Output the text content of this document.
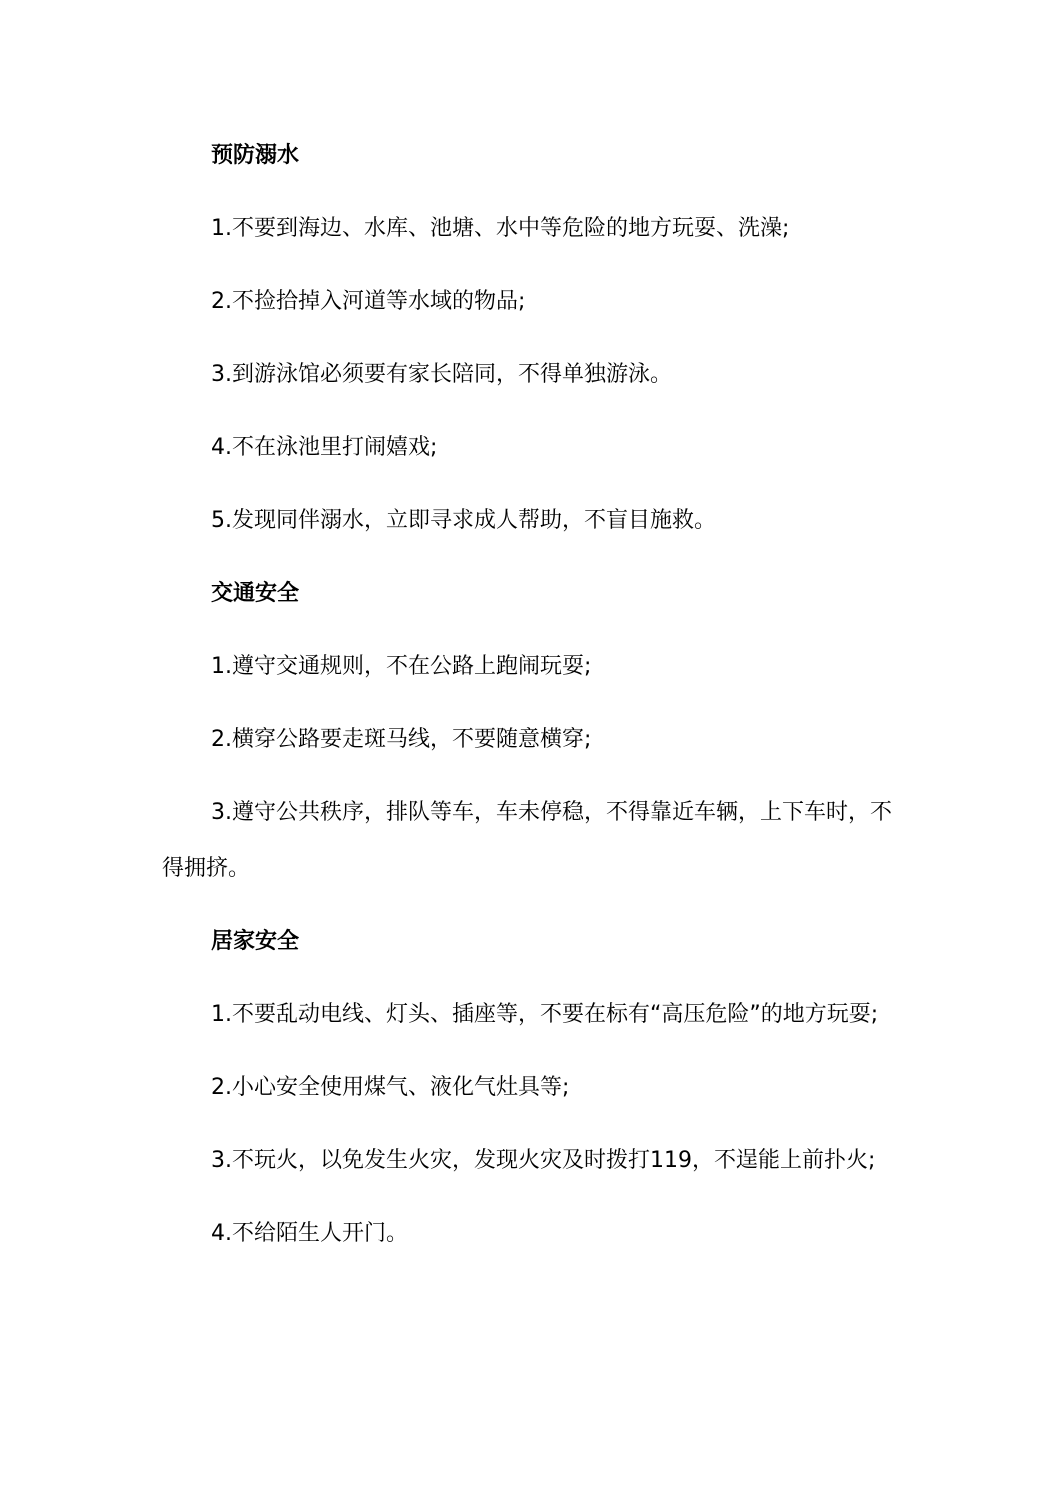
预防溺水
1.不要到海边、水库、池塘、水中等危险的地方玩耍、洗澡;
2.不捡拾掉入河道等水域的物品;
3.到游泳馆必须要有家长陪同，不得单独游泳。
4.不在泳池里打闹嬉戏;
5.发现同伴溺水，立即寻求成人帮助，不盲目施救。
交通安全
1.遵守交通规则，不在公路上跑闹玩耍;
2.横穿公路要走斑马线，不要随意横穿;
3.遵守公共秩序，排队等车，车未停稳，不得靠近车辆，上下车时，不得拥挤。
居家安全
1.不要乱动电线、灯头、插座等，不要在标有“高压危险”的地方玩耍;
2.小心安全使用煤气、液化气灶具等;
3.不玩火，以免发生火灾，发现火灾及时拨打119，不逞能上前扑火;
4.不给陌生人开门。
